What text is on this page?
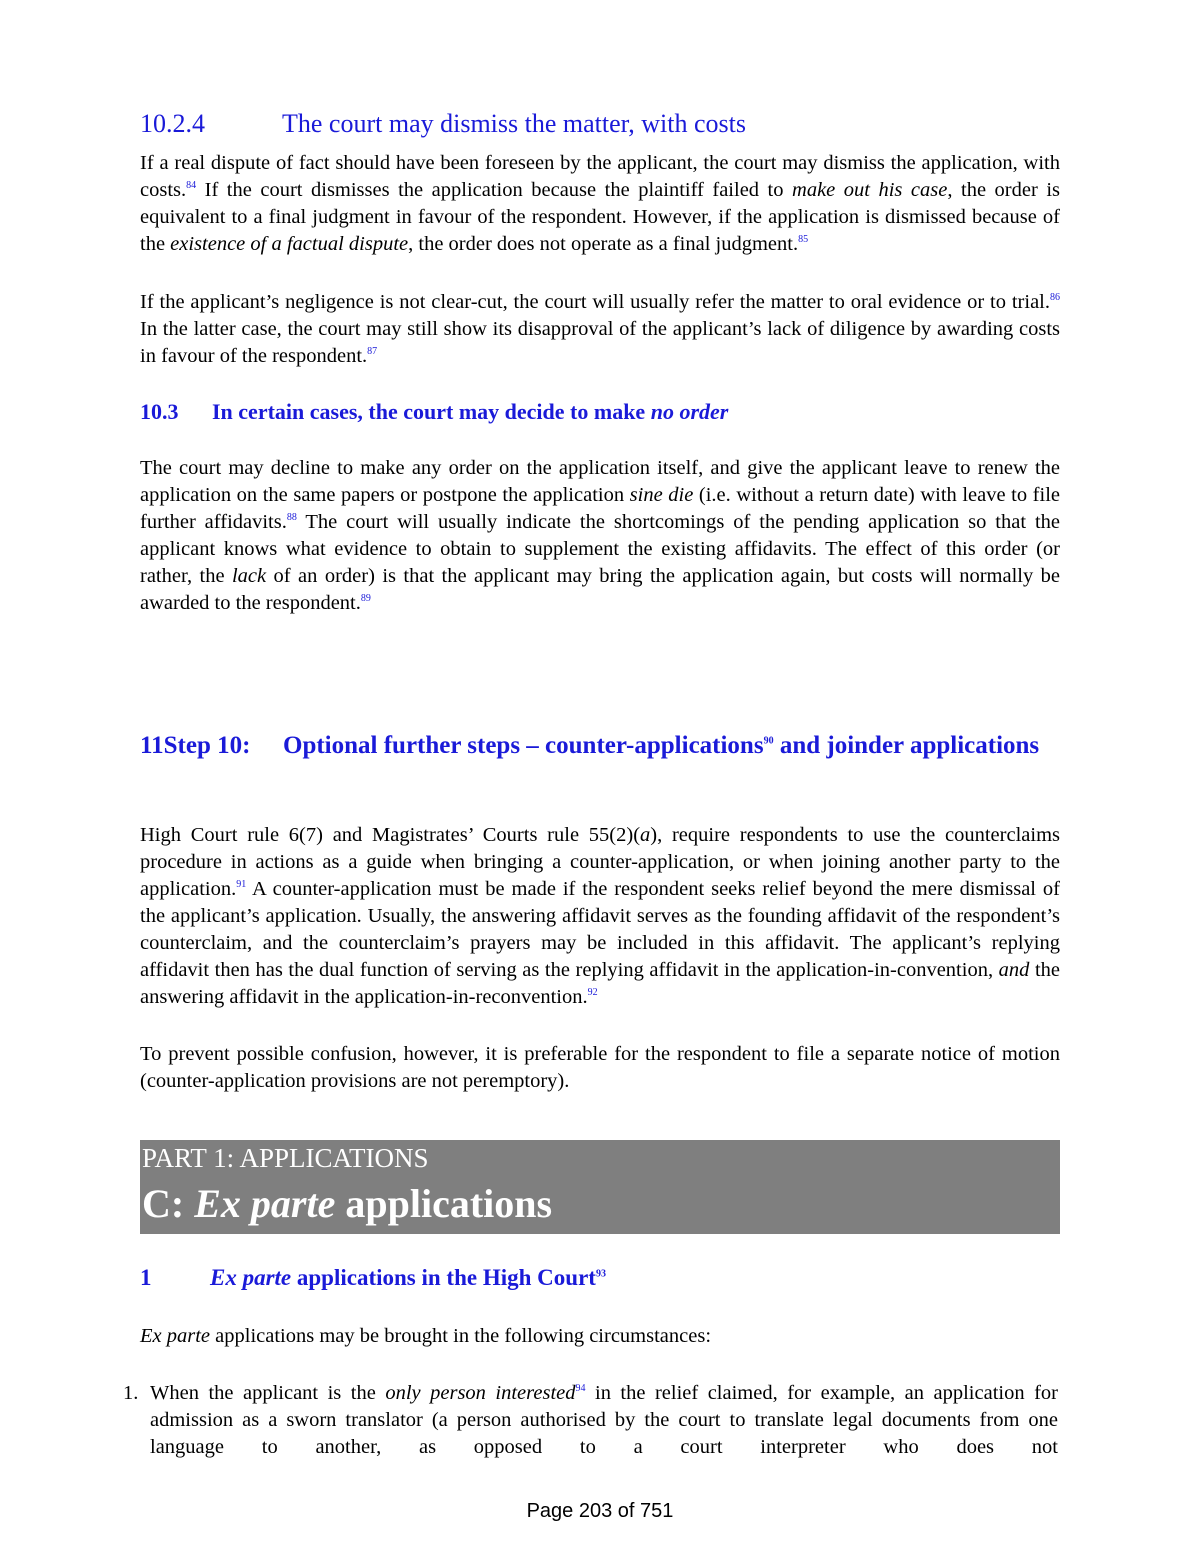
10.2.4	The court may dismiss the matter, with costs

If a real dispute of fact should have been foreseen by the applicant, the court may dismiss the application, with costs.$^{84}$ If the court dismisses the application because the plaintiff failed to make out his case, the order is equivalent to a final judgment in favour of the respondent. However, if the application is dismissed because of the existence of a factual dispute, the order does not operate as a final judgment.$^{85}$

If the applicant’s negligence is not clear-cut, the court will usually refer the matter to oral evidence or to trial.$^{86}$ In the latter case, the court may still show its disapproval of the applicant’s lack of diligence by awarding costs in favour of the respondent.$^{87}$

10.3 In certain cases, the court may decide to make no order

The court may decline to make any order on the application itself, and give the applicant leave to renew the application on the same papers or postpone the application sine die (i.e. without a return date) with leave to file further affidavits.$^{88}$ The court will usually indicate the shortcomings of the pending application so that the applicant knows what evidence to obtain to supplement the existing affidavits. The effect of this order (or rather, the lack of an order) is that the applicant may bring the application again, but costs will normally be awarded to the respondent.$^{89}$

11Step 10:	Optional further steps – counter-applications$^{90}$ and joinder applications

High Court rule 6(7) and Magistrates’ Courts rule 55(2)(a), require respondents to use the counterclaims procedure in actions as a guide when bringing a counter-application, or when joining another party to the application.$^{91}$ A counter-application must be made if the respondent seeks relief beyond the mere dismissal of the applicant’s application. Usually, the answering affidavit serves as the founding affidavit of the respondent’s counterclaim, and the counterclaim’s prayers may be included in this affidavit. The applicant’s replying affidavit then has the dual function of serving as the replying affidavit in the application-in-convention, and the answering affidavit in the application-in-reconvention.$^{92}$

To prevent possible confusion, however, it is preferable for the respondent to file a separate notice of motion (counter-application provisions are not peremptory).

PART 1: APPLICATIONS
C: Ex parte applications
1	Ex parte applications in the High Court$^{93}$

Ex parte applications may be brought in the following circumstances:

1. When the applicant is the only person interested$^{94}$ in the relief claimed, for example, an application for admission as a sworn translator (a person authorised by the court to translate legal documents from one language to another, as opposed to a court interpreter who does not
Page 203 of 751
